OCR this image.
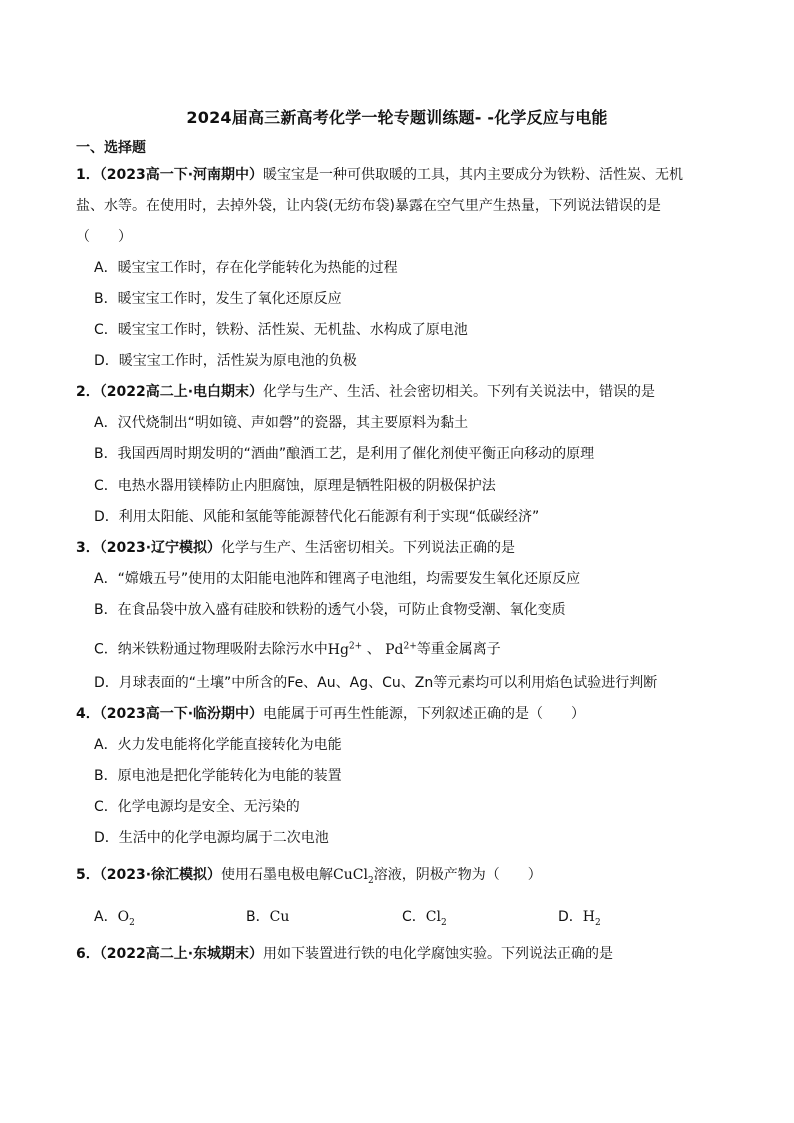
2024届高三新高考化学一轮专题训练题- -化学反应与电能
一、选择题
1．（2023高一下·河南期中）暖宝宝是一种可供取暖的工具，其内主要成分为铁粉、活性炭、无机
盐、水等。在使用时，去掉外袋，让内袋(无纺布袋)暴露在空气里产生热量，下列说法错误的是
（　　）
A．暖宝宝工作时，存在化学能转化为热能的过程
B．暖宝宝工作时，发生了氧化还原反应
C．暖宝宝工作时，铁粉、活性炭、无机盐、水构成了原电池
D．暖宝宝工作时，活性炭为原电池的负极
2．（2022高二上·电白期末）化学与生产、生活、社会密切相关。下列有关说法中，错误的是
A．汉代烧制出“明如镜、声如磬”的瓷器，其主要原料为黏土
B．我国西周时期发明的“酒曲”酿酒工艺，是利用了催化剂使平衡正向移动的原理
C．电热水器用镁棒防止内胆腐蚀，原理是牺牲阳极的阴极保护法
D．利用太阳能、风能和氢能等能源替代化石能源有利于实现“低碳经济”
3．（2023·辽宁模拟）化学与生产、生活密切相关。下列说法正确的是
A．“嫦娥五号”使用的太阳能电池阵和锂离子电池组，均需要发生氧化还原反应
B．在食品袋中放入盛有硅胶和铁粉的透气小袋，可防止食物受潮、氧化变质
C．纳米铁粉通过物理吸附去除污水中$Hg^{2+}$ 、 $Pd^{2+}$等重金属离子
D．月球表面的“土壤”中所含的Fe、Au、Ag、Cu、Zn等元素均可以利用焰色试验进行判断
4．（2023高一下·临汾期中）电能属于可再生性能源，下列叙述正确的是（　　）
A．火力发电能将化学能直接转化为电能
B．原电池是把化学能转化为电能的装置
C．化学电源均是安全、无污染的
D．生活中的化学电源均属于二次电池
5．（2023·徐汇模拟）使用石墨电极电解CuCl$_2$溶液，阴极产物为（　　）
A．$O_2$	B．Cu	C．$Cl_2$	D．$H_2$
6．（2022高二上·东城期末）用如下装置进行铁的电化学腐蚀实验。下列说法正确的是
